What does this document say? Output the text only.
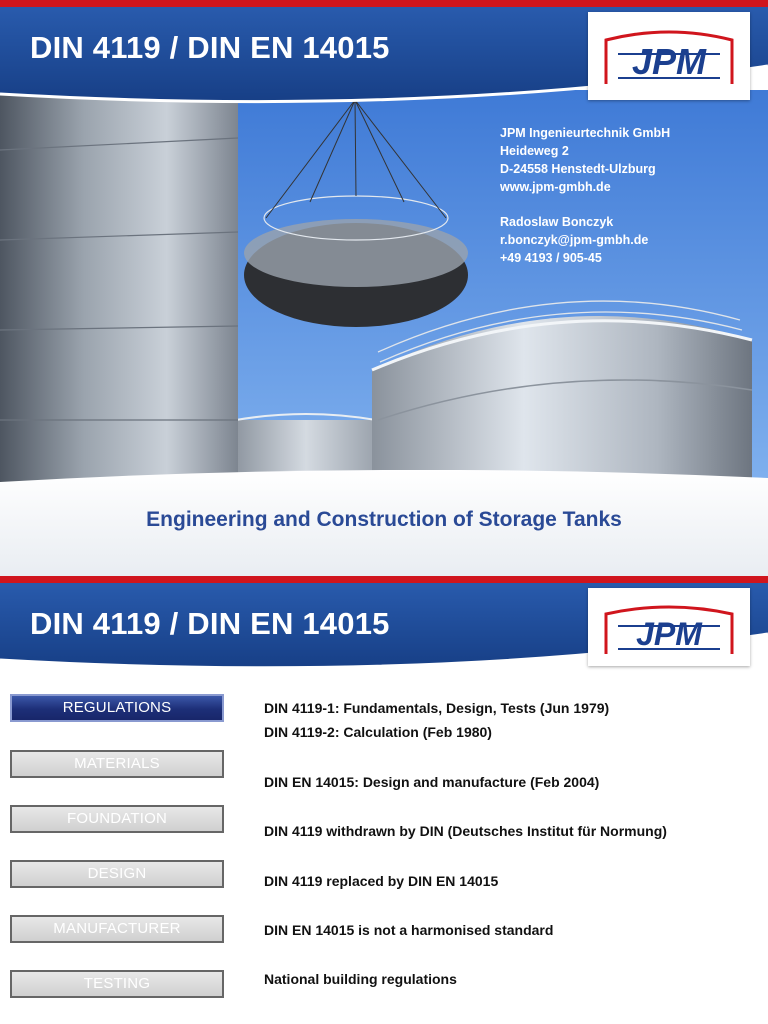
DIN 4119 / DIN EN 14015	JPM
JPM Ingenieurtechnik GmbH
Heideweg 2
D-24558 Henstedt-Ulzburg
www.jpm-gmbh.de
Radoslaw Bonczyk
r.bonczyk@jpm-gmbh.de
+49 4193 / 905-45
Engineering and Construction of Storage Tanks
DIN 4119 / DIN EN 14015	JPM
REGULATIONS
MATERIALS
FOUNDATION
DESIGN
MANUFACTURER
TESTING

DIN 4119-1: Fundamentals, Design, Tests (Jun 1979)

DIN 4119-2: Calculation (Feb 1980)

DIN EN 14015: Design and manufacture (Feb 2004)

DIN 4119 withdrawn by DIN (Deutsches Institut für Normung)

DIN 4119 replaced by DIN EN 14015

DIN EN 14015 is not a harmonised standard

National building regulations
